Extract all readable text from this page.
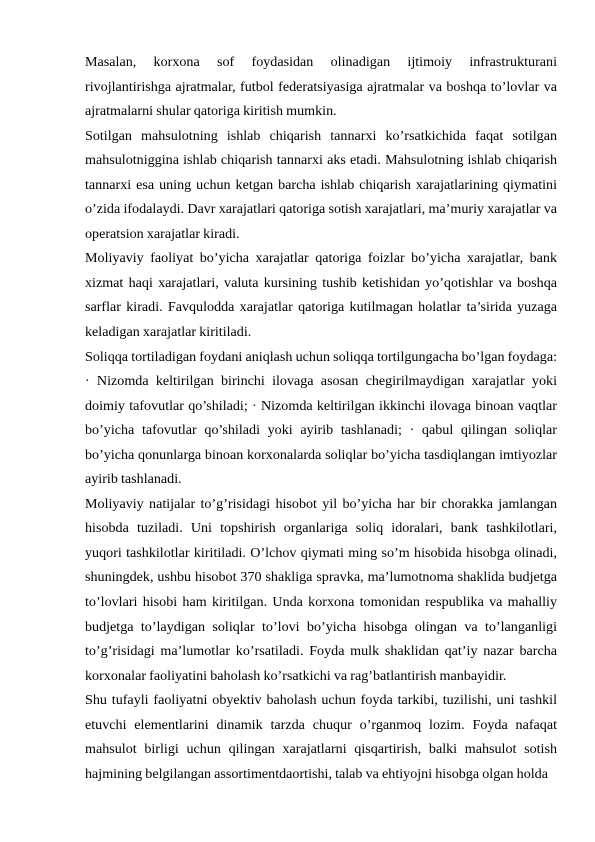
Masalan, korxona sof foydasidan olinadigan ijtimoiy infrastrukturani rivojlantirishga ajratmalar, futbol federatsiyasiga ajratmalar va boshqa to’lovlar va ajratmalarni shular qatoriga kiritish mumkin.

Sotilgan mahsulotning ishlab chiqarish tannarxi ko’rsatkichida faqat sotilgan mahsulotniggina ishlab chiqarish tannarxi aks etadi. Mahsulotning ishlab chiqarish tannarxi esa uning uchun ketgan barcha ishlab chiqarish xarajatlarining qiymatini o’zida ifodalaydi. Davr xarajatlari qatoriga sotish xarajatlari, ma’muriy xarajatlar va operatsion xarajatlar kiradi.

Moliyaviy faoliyat bo’yicha xarajatlar qatoriga foizlar bo’yicha xarajatlar, bank xizmat haqi xarajatlari, valuta kursining tushib ketishidan yo’qotishlar va boshqa sarflar kiradi. Favqulodda xarajatlar qatoriga kutilmagan holatlar ta’sirida yuzaga keladigan xarajatlar kiritiladi.

Soliqqa tortiladigan foydani aniqlash uchun soliqqa tortilgungacha bo’lgan foydaga: · Nizomda keltirilgan birinchi ilovaga asosan chegirilmaydigan xarajatlar yoki doimiy tafovutlar qo’shiladi; · Nizomda keltirilgan ikkinchi ilovaga binoan vaqtlar bo’yicha tafovutlar qo’shiladi yoki ayirib tashlanadi; · qabul qilingan soliqlar bo’yicha qonunlarga binoan korxonalarda soliqlar bo’yicha tasdiqlangan imtiyozlar ayirib tashlanadi.

Moliyaviy natijalar to’g’risidagi hisobot yil bo’yicha har bir chorakka jamlangan hisobda tuziladi. Uni topshirish organlariga soliq idoralari, bank tashkilotlari, yuqori tashkilotlar kiritiladi. O’lchov qiymati ming so’m hisobida hisobga olinadi, shuningdek, ushbu hisobot 370 shakliga spravka, ma’lumotnoma shaklida budjetga to’lovlari hisobi ham kiritilgan. Unda korxona tomonidan respublika va mahalliy budjetga to’laydigan soliqlar to’lovi bo’yicha hisobga olingan va to’langanligi to’g’risidagi ma’lumotlar ko’rsatiladi. Foyda mulk shaklidan qat’iy nazar barcha korxonalar faoliyatini baholash ko’rsatkichi va rag’batlantirish manbayidir.

Shu tufayli faoliyatni obyektiv baholash uchun foyda tarkibi, tuzilishi, uni tashkil etuvchi elementlarini dinamik tarzda chuqur o’rganmoq lozim. Foyda nafaqat mahsulot birligi uchun qilingan xarajatlarni qisqartirish, balki mahsulot sotish hajmining belgilangan assortimentdaortishi, talab va ehtiyojni hisobga olgan holda
